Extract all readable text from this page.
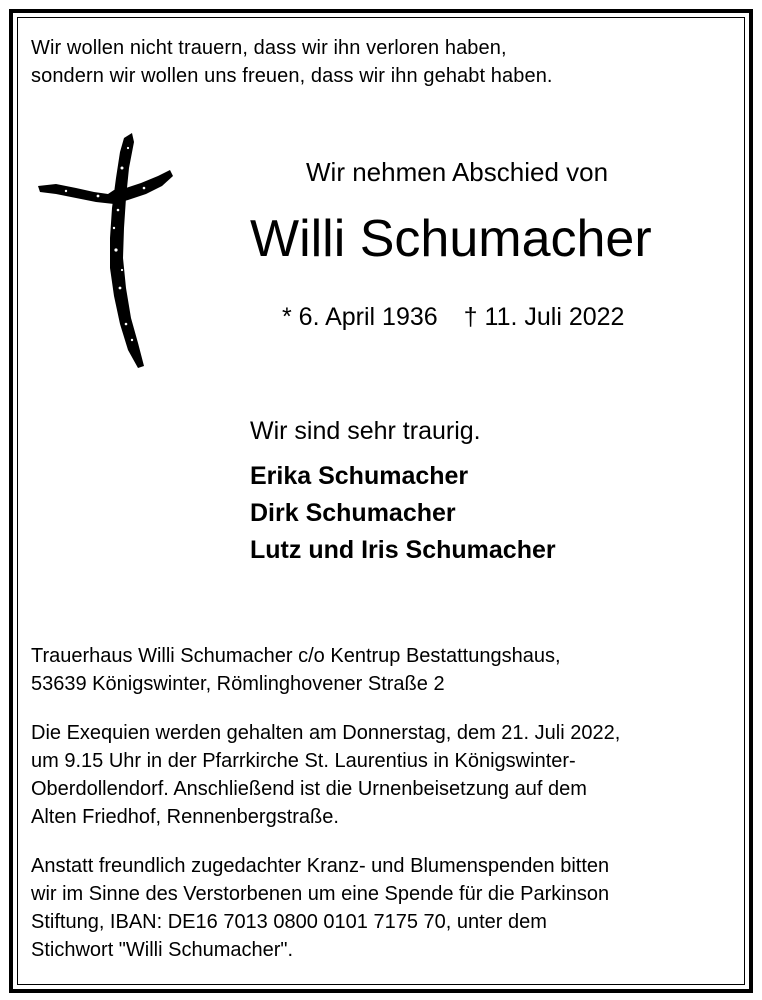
Wir wollen nicht trauern, dass wir ihn verloren haben,
sondern wir wollen uns freuen, dass wir ihn gehabt haben.
Wir nehmen Abschied von
Willi Schumacher
* 6. April 1936 † 11. Juli 2022
Wir sind sehr traurig.
Erika Schumacher
Dirk Schumacher
Lutz und Iris Schumacher
Trauerhaus Willi Schumacher c/o Kentrup Bestattungshaus,
53639 Königswinter, Römlinghovener Straße 2
Die Exequien werden gehalten am Donnerstag, dem 21. Juli 2022,
um 9.15 Uhr in der Pfarrkirche St. Laurentius in Königswinter-
Oberdollendorf. Anschließend ist die Urnenbeisetzung auf dem
Alten Friedhof, Rennenbergstraße.
Anstatt freundlich zugedachter Kranz- und Blumenspenden bitten
wir im Sinne des Verstorbenen um eine Spende für die Parkinson
Stiftung, IBAN: DE16 7013 0800 0101 7175 70, unter dem
Stichwort "Willi Schumacher".
